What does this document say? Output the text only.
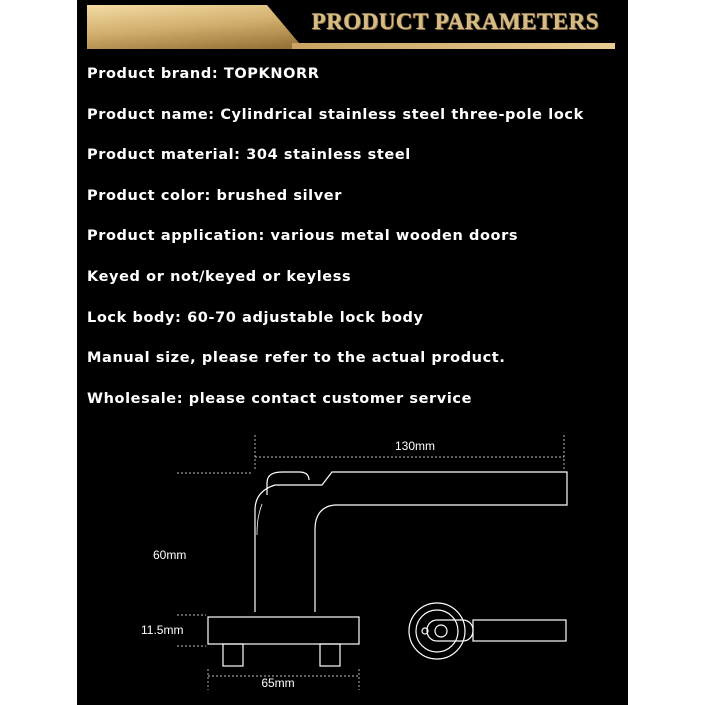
PRODUCT PARAMETERS
Product brand: TOPKNORR
Product name: Cylindrical stainless steel three-pole lock
Product material: 304 stainless steel
Product color: brushed silver
Product application: various metal wooden doors
Keyed or not/keyed or keyless
Lock body: 60-70 adjustable lock body
Manual size, please refer to the actual product.
Wholesale: please contact customer service
130mm
60mm
11.5mm
65mm
